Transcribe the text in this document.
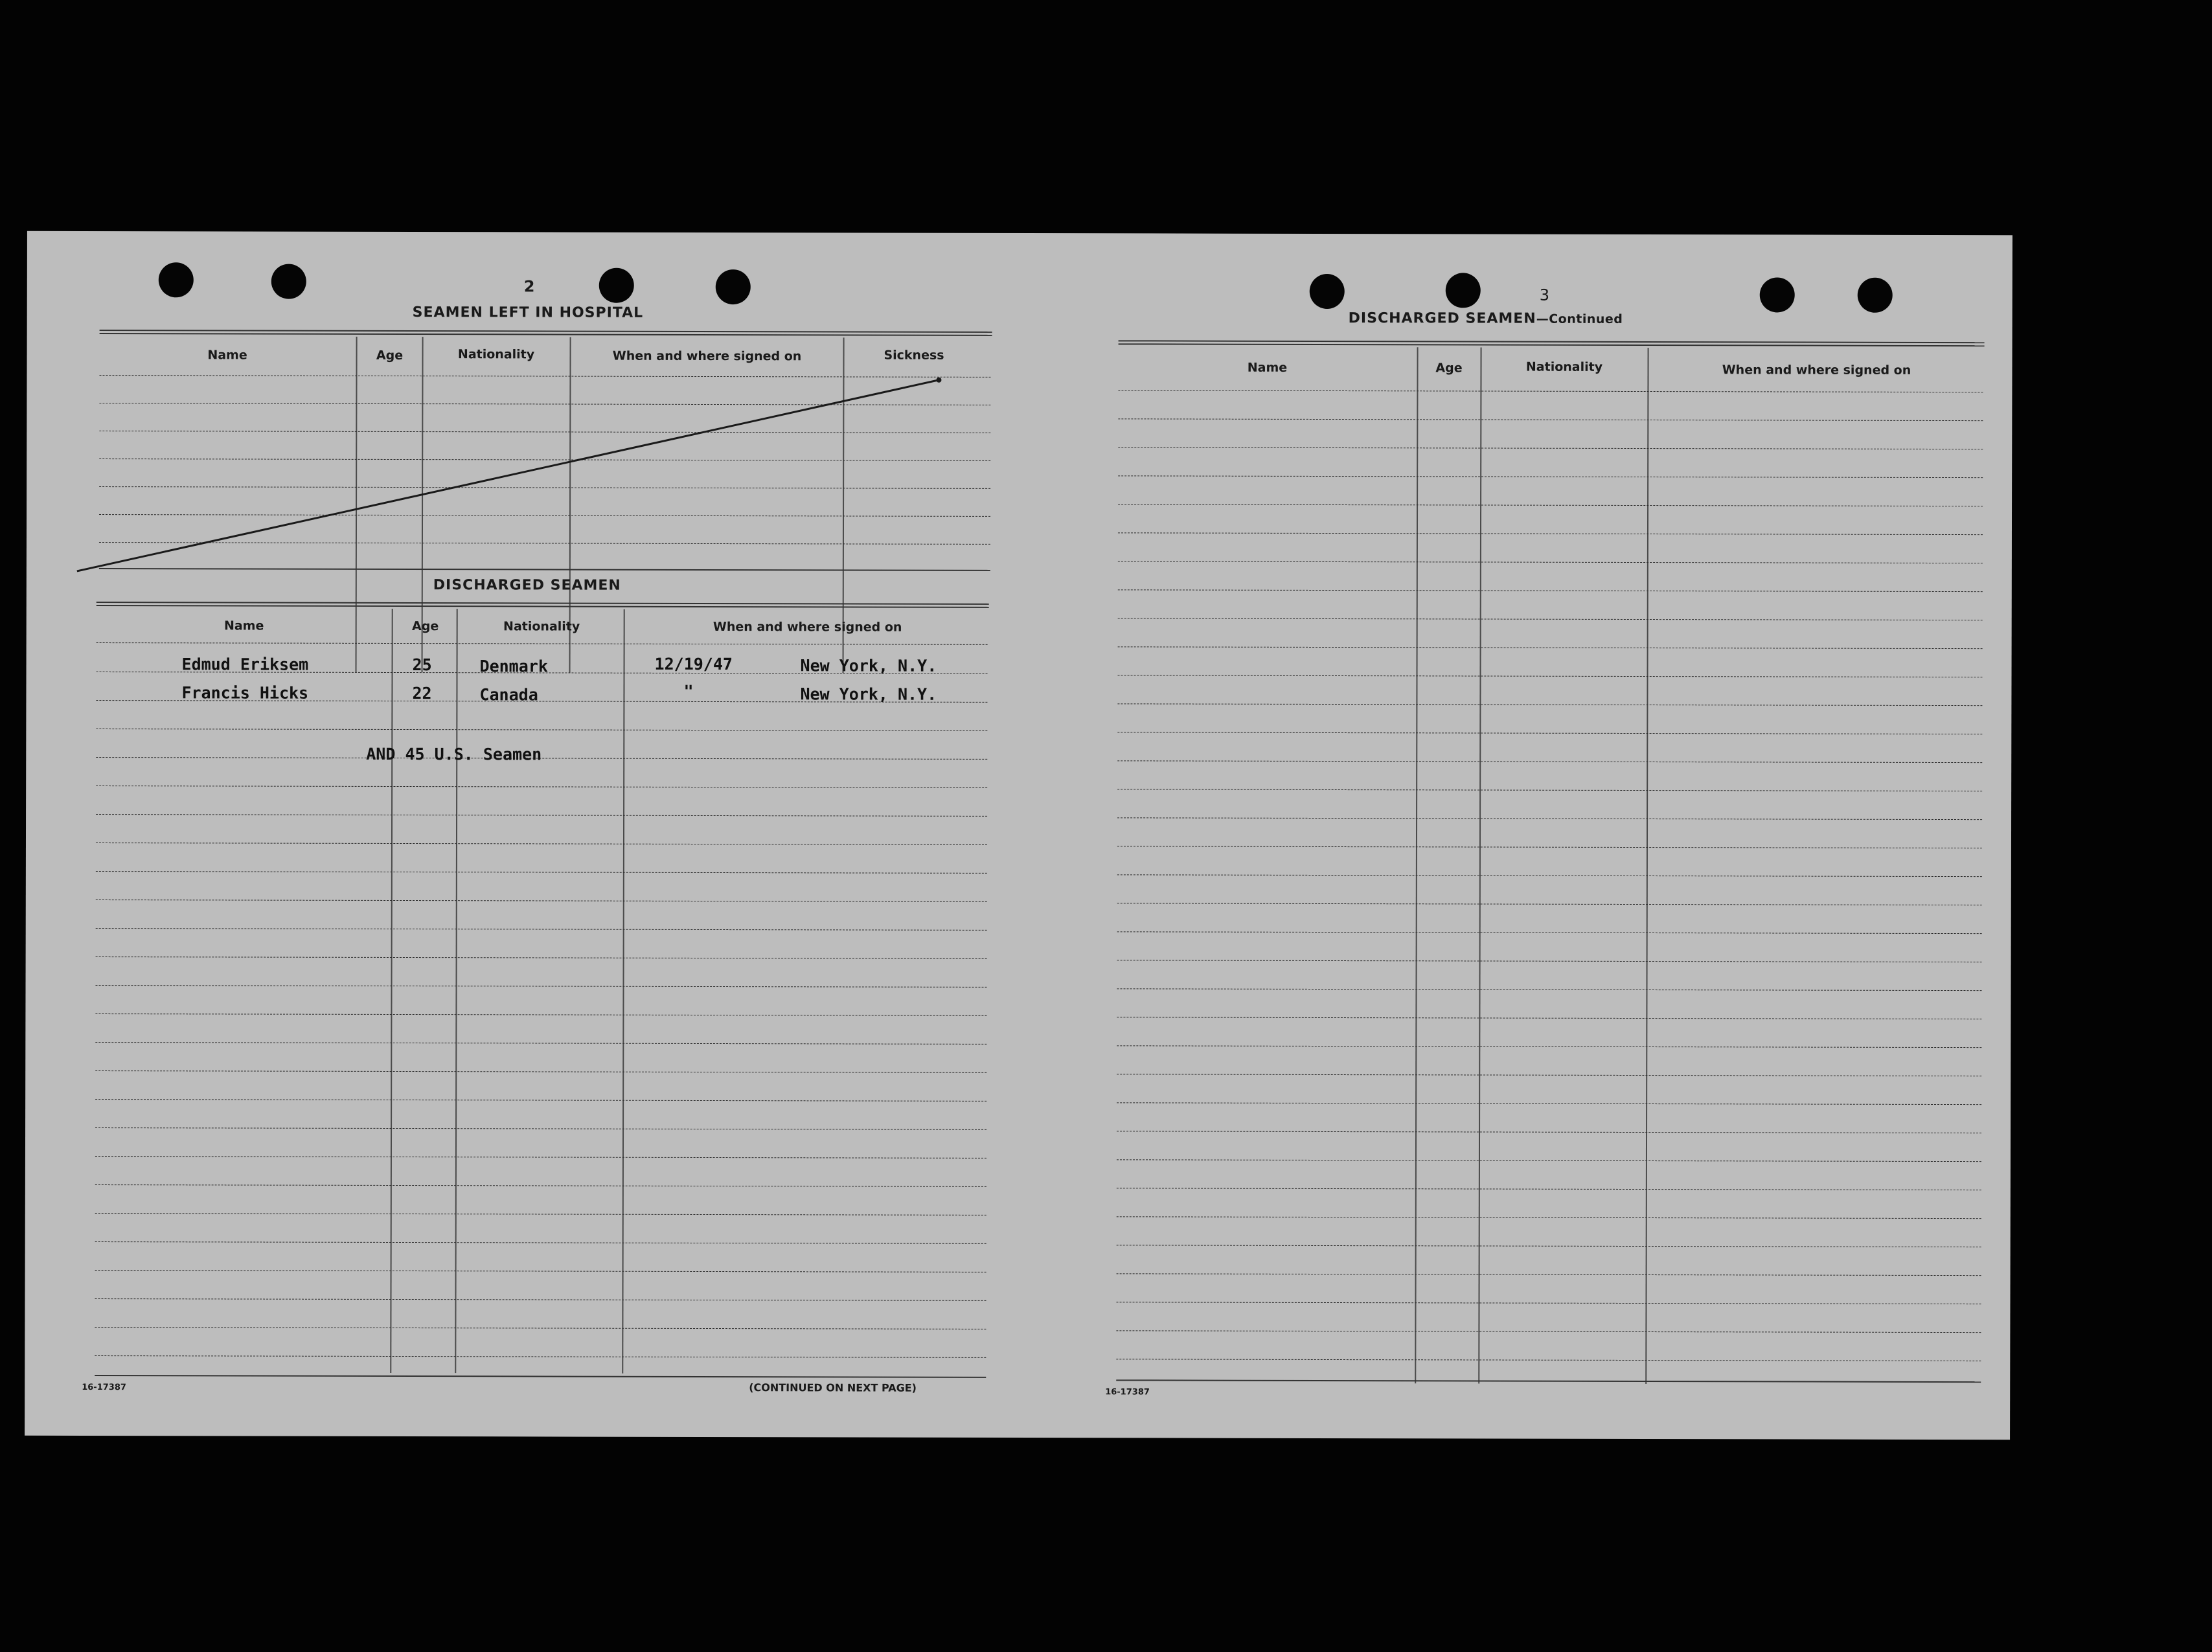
2
SEAMEN LEFT IN HOSPITAL
Name	Age	Nationality	When and where signed on	Sickness
DISCHARGED SEAMEN
Name	Age	Nationality	When and where signed on
Edmud Eriksem	25	Denmark	12/19/47	New York, N.Y.
Francis Hicks	22	Canada	"	New York, N.Y.
AND 45 U.S. Seamen
16-17387	(CONTINUED ON NEXT PAGE)
3
DISCHARGED SEAMEN—Continued
Name	Age	Nationality	When and where signed on
16-17387
